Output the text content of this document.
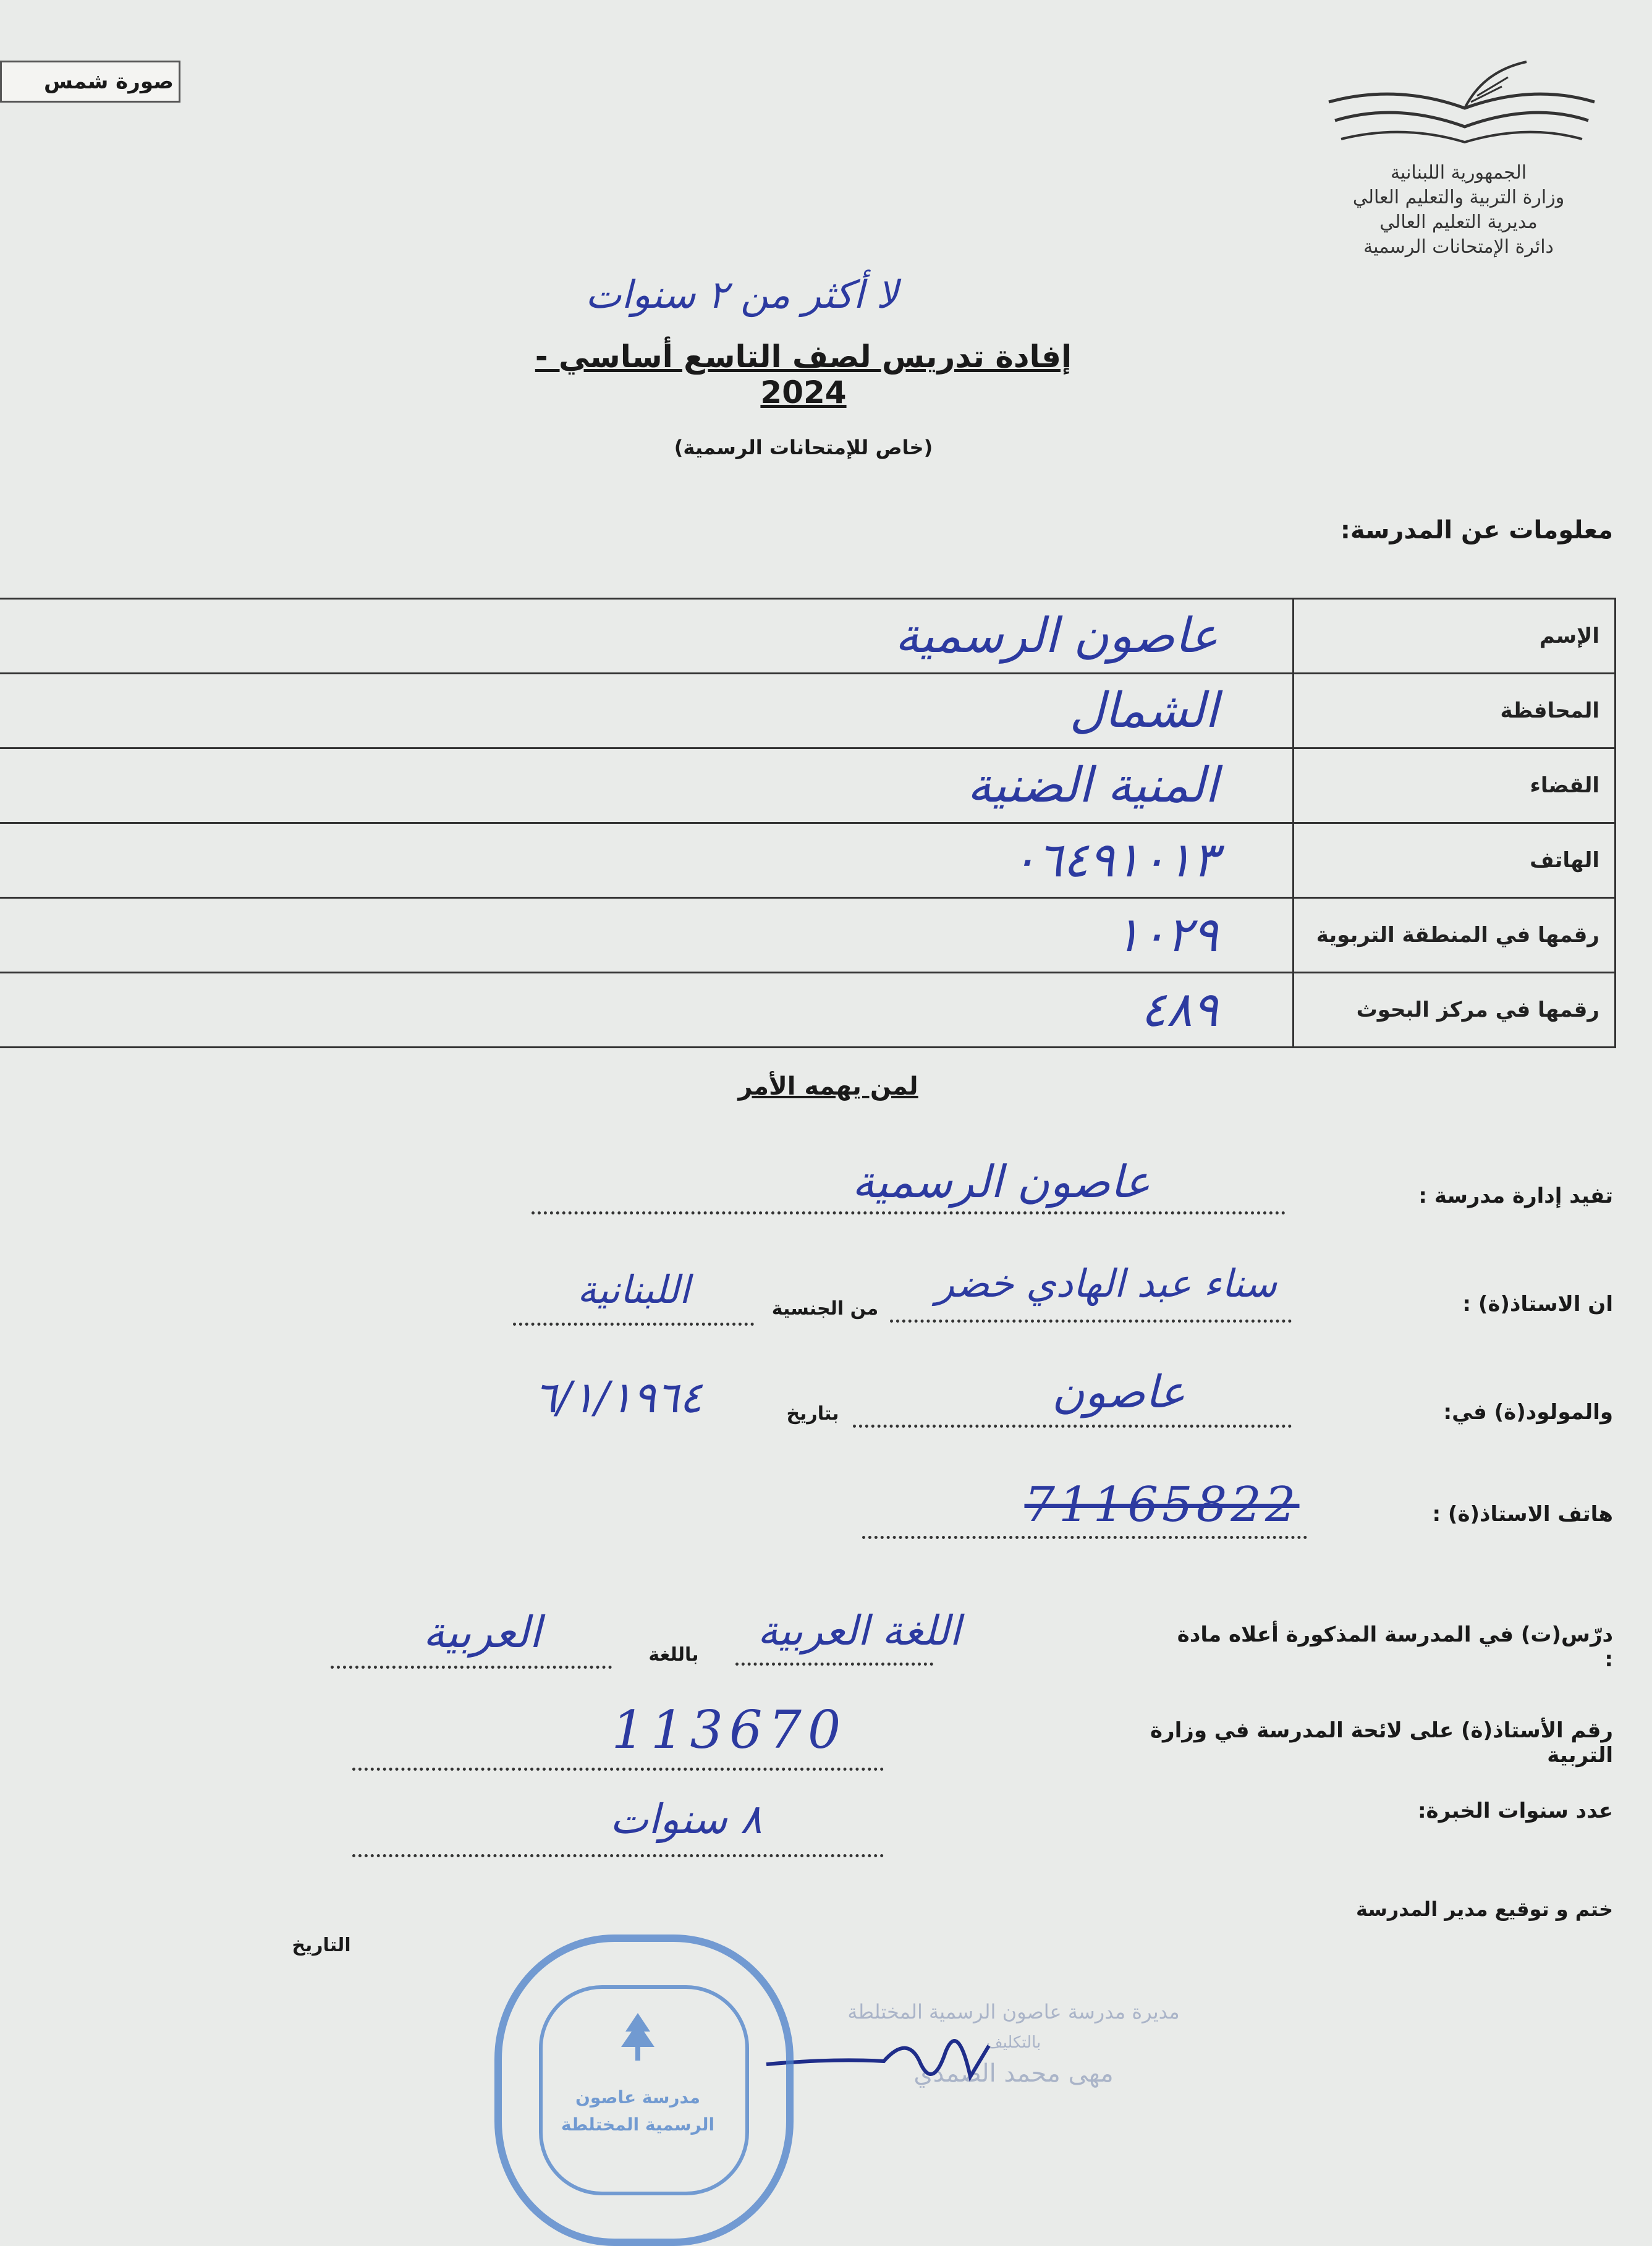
صورة شمس
الجمهورية اللبنانية
وزارة التربية والتعليم العالي
مديرية التعليم العالي
دائرة الإمتحانات الرسمية
لا أكثر من ٢ سنوات
إفادة تدريس لصف التاسع أساسي - 2024
(خاص للإمتحانات الرسمية)
معلومات عن المدرسة:
الإسم	عاصون الرسمية
المحافظة	الشمال
القضاء	المنية الضنية
الهاتف	٠٦٤٩١٠١٣
رقمها في المنطقة التربوية	١٠٢٩
رقمها في مركز البحوث	٤٨٩
لمن يهمه الأمر
تفيد إدارة مدرسة :
عاصون الرسمية
ان الاستاذ(ة) :
سناء عبد الهادي خضر
من الجنسية
اللبنانية
والمولود(ة) في:
عاصون
بتاريخ
٦/١/١٩٦٤
هاتف الاستاذ(ة) :
71165822
درّس(ت) في المدرسة المذكورة أعلاه مادة :
اللغة العربية
باللغة
العربية
رقم الأستاذ(ة) على لائحة المدرسة في وزارة التربية
113670
عدد سنوات الخبرة:
٨ سنوات
ختم و توقيع مدير المدرسة
التاريخ
مديرة مدرسة عاصون الرسمية المختلطة
بالتكليف
مهى محمد الصمدي
مدرسة عاصون
الرسمية المختلطة
